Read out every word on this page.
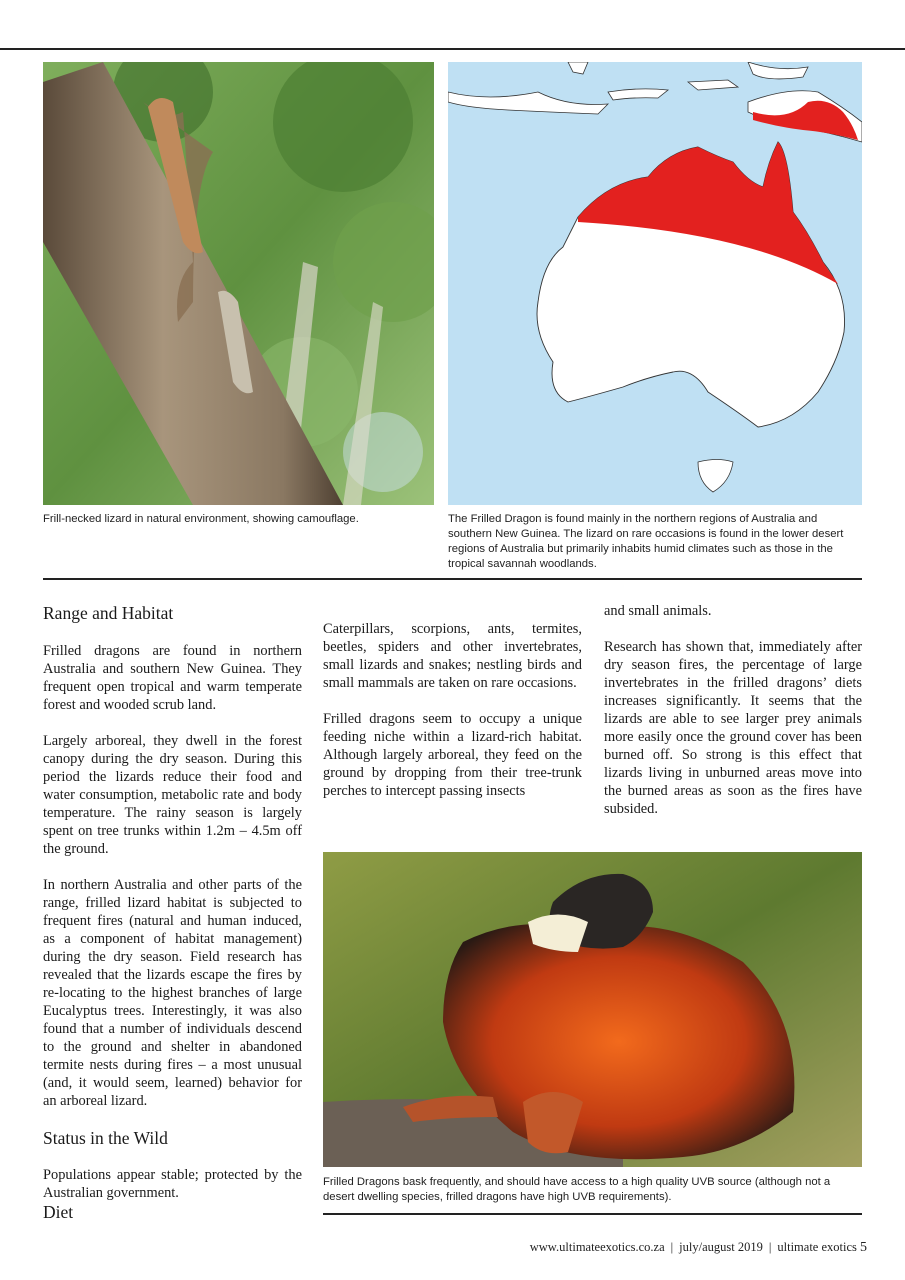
Frill-necked lizard in natural environment, showing camouflage.	The Frilled Dragon is found mainly in the northern regions of Australia and southern New Guinea. The lizard on rare occasions is found in the lower desert regions of Australia but primarily inhabits humid climates such as those in the tropical savannah woodlands.
Range and Habitat

Frilled dragons are found in northern Australia and southern New Guinea. They frequent open tropical and warm temperate forest and wooded scrub land.

Largely arboreal, they dwell in the forest canopy during the dry season. During this period the lizards reduce their food and water consumption, metabolic rate and body temperature. The rainy season is largely spent on tree trunks within 1.2m – 4.5m off the ground.

In northern Australia and other parts of the range, frilled lizard habitat is subjected to frequent fires (natural and human induced, as a component of habitat management) during the dry season. Field research has revealed that the lizards escape the fires by re-locating to the highest branches of large Eucalyptus trees. Interestingly, it was also found that a number of individuals descend to the ground and shelter in abandoned termite nests during fires – a most unusual (and, it would seem, learned) behavior for an arboreal lizard.

Status in the Wild

Populations appear stable; protected by the Australian government.

Diet

Caterpillars, scorpions, ants, termites, beetles, spiders and other invertebrates, small lizards and snakes; nestling birds and small mammals are taken on rare occasions.

Frilled dragons seem to occupy a unique feeding niche within a lizard-rich habitat. Although largely arboreal, they feed on the ground by dropping from their tree-trunk perches to intercept passing insects

and small animals.

Research has shown that, immediately after dry season fires, the percentage of large invertebrates in the frilled dragons’ diets increases significantly. It seems that the lizards are able to see larger prey animals more easily once the ground cover has been burned off. So strong is this effect that lizards living in unburned areas move into the burned areas as soon as the fires have subsided.

Frilled Dragons bask frequently, and should have access to a high quality UVB source (although not a desert dwelling species, frilled dragons have high UVB requirements).
www.ultimateexotics.co.za | july/august 2019 | ultimate exotics 5
